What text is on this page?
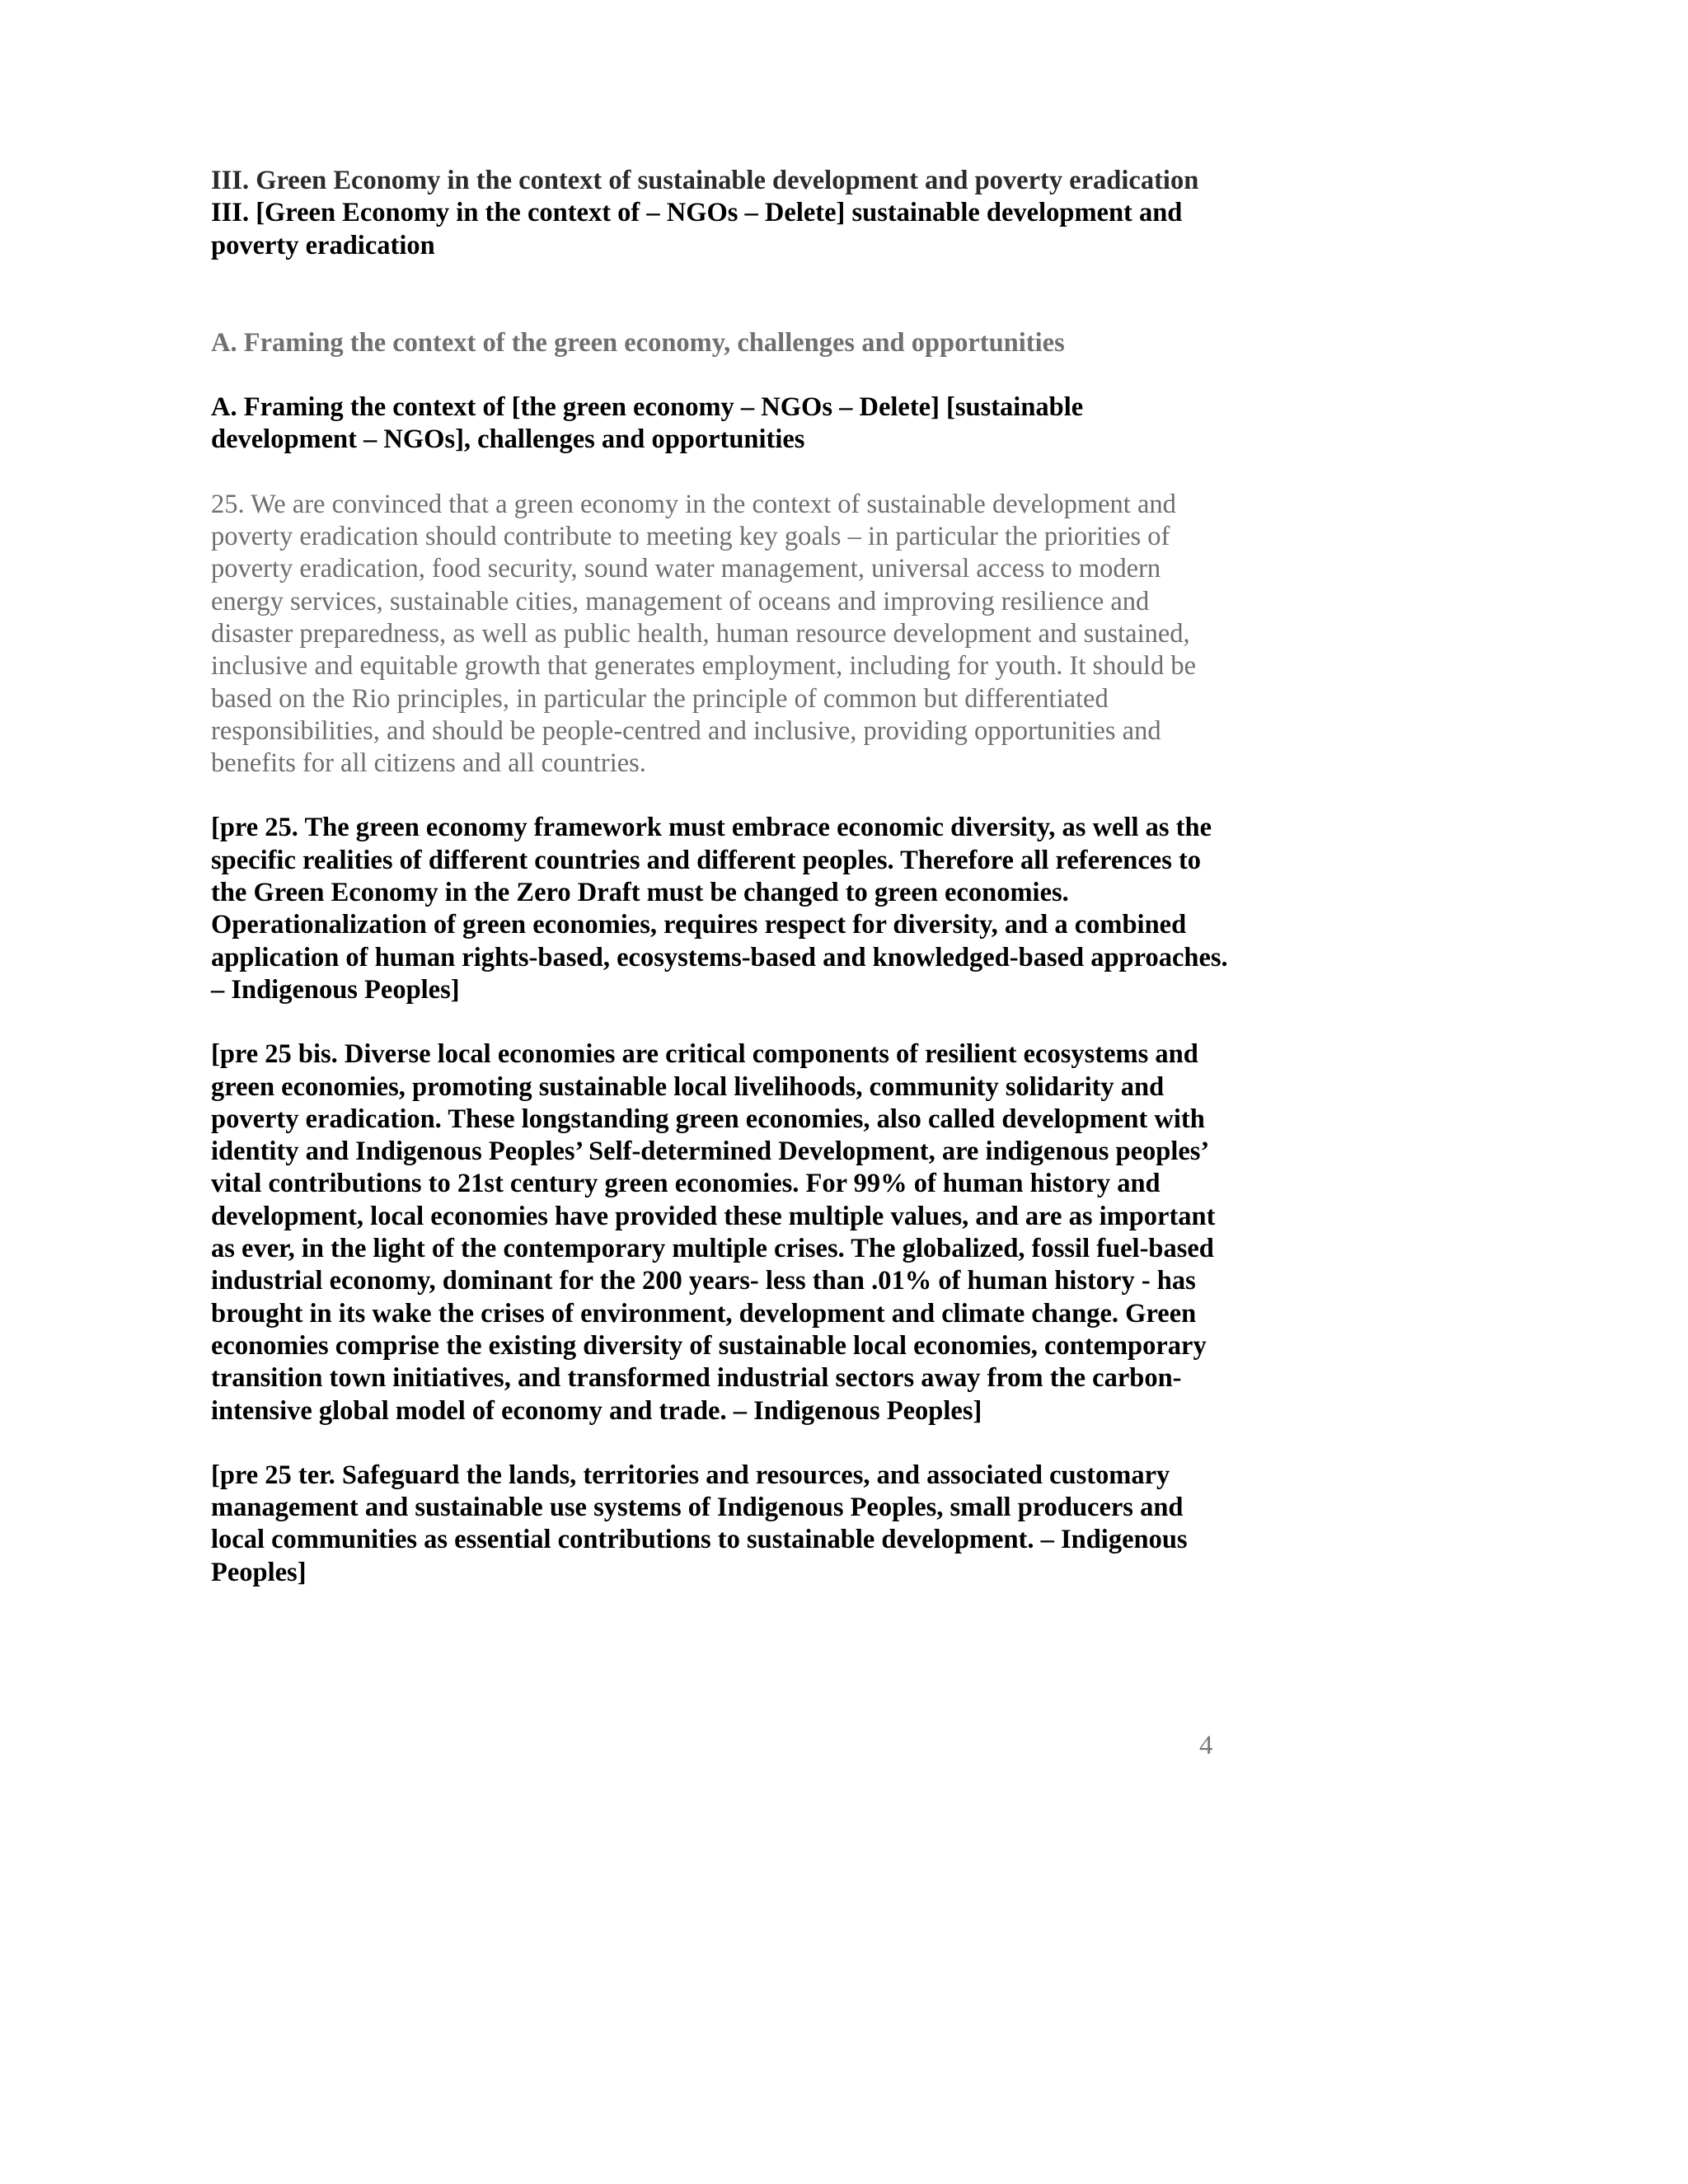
III. Green Economy in the context of sustainable development and poverty eradication

III. [Green Economy in the context of – NGOs – Delete] sustainable development and poverty eradication

A. Framing the context of the green economy, challenges and opportunities

A. Framing the context of [the green economy – NGOs – Delete] [sustainable development – NGOs], challenges and opportunities

25. We are convinced that a green economy in the context of sustainable development and poverty eradication should contribute to meeting key goals – in particular the priorities of poverty eradication, food security, sound water management, universal access to modern energy services, sustainable cities, management of oceans and improving resilience and disaster preparedness, as well as public health, human resource development and sustained, inclusive and equitable growth that generates employment, including for youth. It should be based on the Rio principles, in particular the principle of common but differentiated responsibilities, and should be people-centred and inclusive, providing opportunities and benefits for all citizens and all countries.

[pre 25. The green economy framework must embrace economic diversity, as well as the specific realities of different countries and different peoples. Therefore all references to the Green Economy in the Zero Draft must be changed to green economies. Operationalization of green economies, requires respect for diversity, and a combined application of human rights-based, ecosystems-based and knowledged-based approaches. – Indigenous Peoples]

[pre 25 bis. Diverse local economies are critical components of resilient ecosystems and green economies, promoting sustainable local livelihoods, community solidarity and poverty eradication. These longstanding green economies, also called development with identity and Indigenous Peoples’ Self-determined Development, are indigenous peoples’ vital contributions to 21st century green economies. For 99% of human history and development, local economies have provided these multiple values, and are as important as ever, in the light of the contemporary multiple crises. The globalized, fossil fuel-based industrial economy, dominant for the 200 years- less than .01% of human history - has brought in its wake the crises of environment, development and climate change. Green economies comprise the existing diversity of sustainable local economies, contemporary transition town initiatives, and transformed industrial sectors away from the carbon-intensive global model of economy and trade. – Indigenous Peoples]

[pre 25 ter. Safeguard the lands, territories and resources, and associated customary management and sustainable use systems of Indigenous Peoples, small producers and local communities as essential contributions to sustainable development. – Indigenous Peoples]

4
